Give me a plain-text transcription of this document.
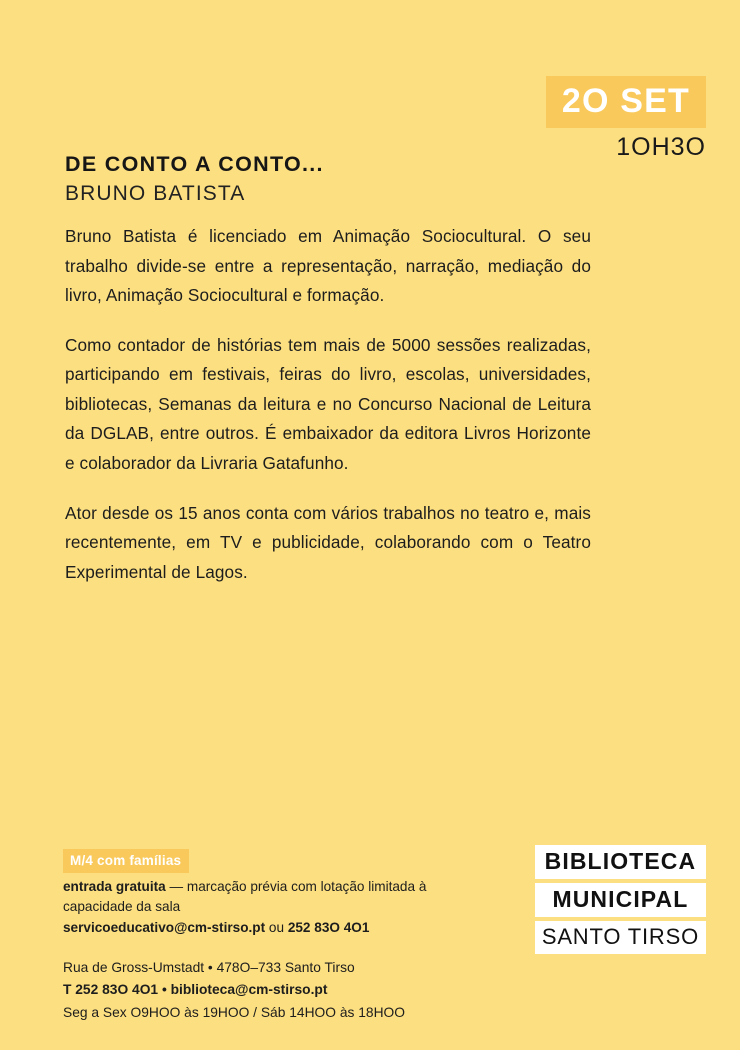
2O SET
1OH3O
DE CONTO A CONTO...
BRUNO BATISTA

Bruno Batista é licenciado em Animação Sociocultural. O seu trabalho divide-se entre a representação, narração, mediação do livro, Animação Sociocultural e formação.

Como contador de histórias tem mais de 5000 sessões realizadas, participando em festivais, feiras do livro, escolas, universidades, bibliotecas, Semanas da leitura e no Concurso Nacional de Leitura da DGLAB, entre outros. É embaixador da editora Livros Horizonte e colaborador da Livraria Gatafunho.

Ator desde os 15 anos conta com vários trabalhos no teatro e, mais recentemente, em TV e publicidade, colaborando com o Teatro Experimental de Lagos.

M/4 com famílias
entrada gratuita — marcação prévia com lotação limitada à capacidade da sala
servicoeducativo@cm-stirso.pt ou 252 83O 4O1
BIBLIOTECA
MUNICIPAL
SANTO TIRSO
Rua de Gross-Umstadt • 478O–733 Santo Tirso
T 252 83O 4O1 • biblioteca@cm-stirso.pt
Seg a Sex O9HOO às 19HOO / Sáb 14HOO às 18HOO
